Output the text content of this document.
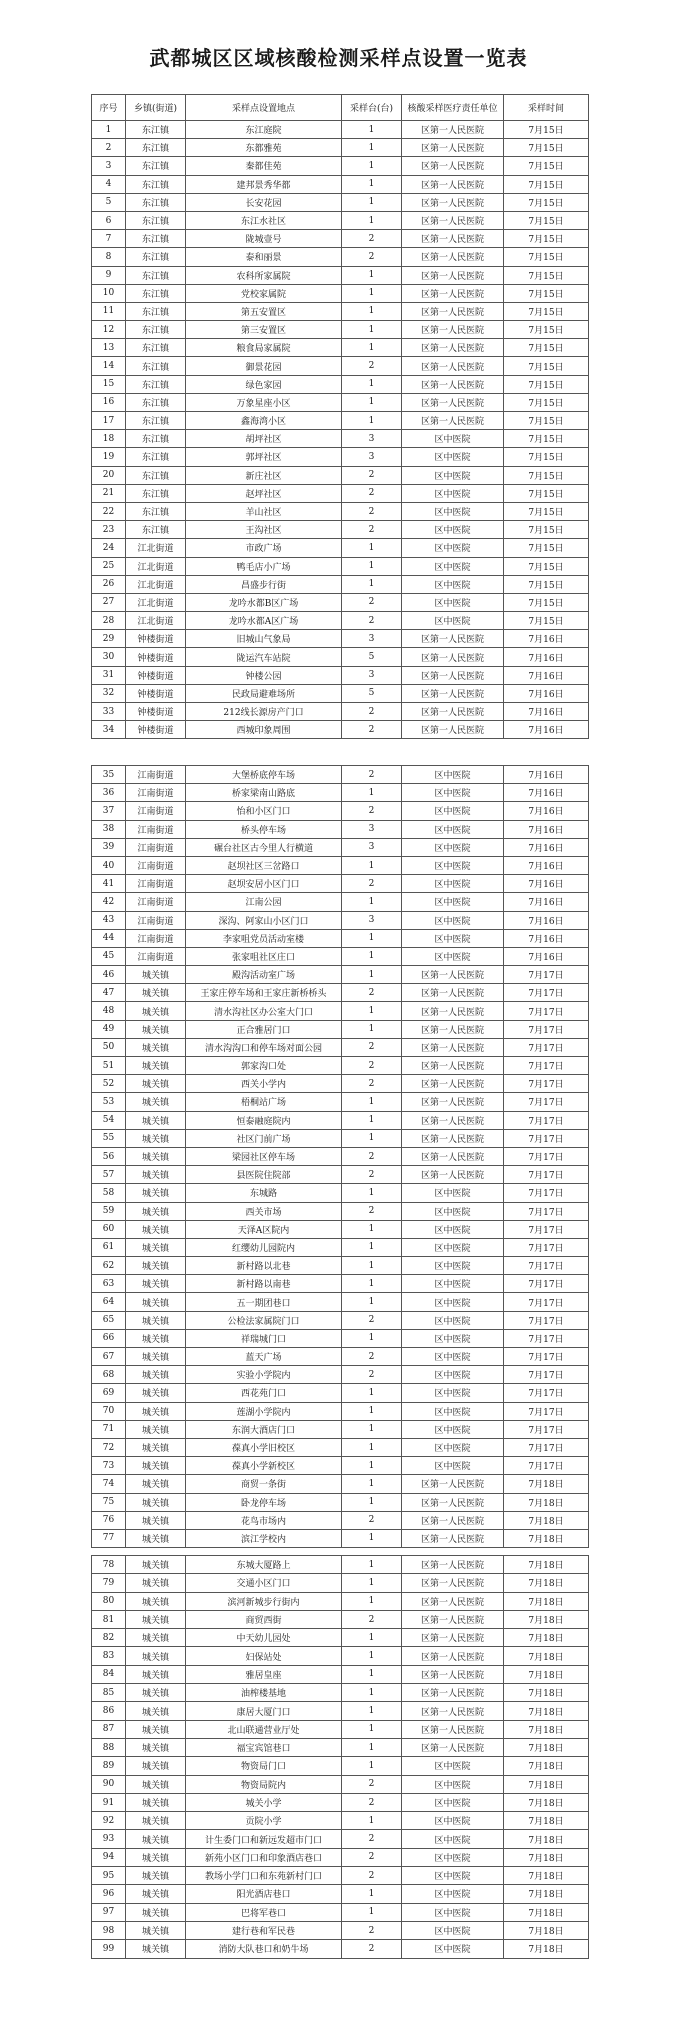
武都城区区域核酸检测采样点设置一览表
序号	乡镇(街道)	采样点设置地点	采样台(台)	核酸采样医疗责任单位	采样时间
1	东江镇	东江庭院	1	区第一人民医院	7月15日
2	东江镇	东都雅苑	1	区第一人民医院	7月15日
3	东江镇	秦都佳苑	1	区第一人民医院	7月15日
4	东江镇	建邦景秀华都	1	区第一人民医院	7月15日
5	东江镇	长安花园	1	区第一人民医院	7月15日
6	东江镇	东江水社区	1	区第一人民医院	7月15日
7	东江镇	陇城壹号	2	区第一人民医院	7月15日
8	东江镇	泰和丽景	2	区第一人民医院	7月15日
9	东江镇	农科所家属院	1	区第一人民医院	7月15日
10	东江镇	党校家属院	1	区第一人民医院	7月15日
11	东江镇	第五安置区	1	区第一人民医院	7月15日
12	东江镇	第三安置区	1	区第一人民医院	7月15日
13	东江镇	粮食局家属院	1	区第一人民医院	7月15日
14	东江镇	御景花园	2	区第一人民医院	7月15日
15	东江镇	绿色家园	1	区第一人民医院	7月15日
16	东江镇	万象星座小区	1	区第一人民医院	7月15日
17	东江镇	鑫海湾小区	1	区第一人民医院	7月15日
18	东江镇	胡坪社区	3	区中医院	7月15日
19	东江镇	郭坪社区	3	区中医院	7月15日
20	东江镇	新庄社区	2	区中医院	7月15日
21	东江镇	赵坪社区	2	区中医院	7月15日
22	东江镇	羊山社区	2	区中医院	7月15日
23	东江镇	王沟社区	2	区中医院	7月15日
24	江北街道	市政广场	1	区中医院	7月15日
25	江北街道	鸭毛店小广场	1	区中医院	7月15日
26	江北街道	昌盛步行街	1	区中医院	7月15日
27	江北街道	龙吟水都B区广场	2	区中医院	7月15日
28	江北街道	龙吟水都A区广场	2	区中医院	7月15日
29	钟楼街道	旧城山气象局	3	区第一人民医院	7月16日
30	钟楼街道	陇运汽车站院	5	区第一人民医院	7月16日
31	钟楼街道	钟楼公园	3	区第一人民医院	7月16日
32	钟楼街道	民政局避难场所	5	区第一人民医院	7月16日
33	钟楼街道	212线长源房产门口	2	区第一人民医院	7月16日
34	钟楼街道	西城印象周围	2	区第一人民医院	7月16日
35	江南街道	大堡桥底停车场	2	区中医院	7月16日
36	江南街道	桥家梁南山路底	1	区中医院	7月16日
37	江南街道	怡和小区门口	2	区中医院	7月16日
38	江南街道	桥头停车场	3	区中医院	7月16日
39	江南街道	碾台社区古今里人行横道	3	区中医院	7月16日
40	江南街道	赵坝社区三岔路口	1	区中医院	7月16日
41	江南街道	赵坝安居小区门口	2	区中医院	7月16日
42	江南街道	江南公园	1	区中医院	7月16日
43	江南街道	深沟、阿家山小区门口	3	区中医院	7月16日
44	江南街道	李家咀党员活动室楼	1	区中医院	7月16日
45	江南街道	张家咀社区庄口	1	区中医院	7月16日
46	城关镇	殿沟活动室广场	1	区第一人民医院	7月17日
47	城关镇	王家庄停车场和王家庄新桥桥头	2	区第一人民医院	7月17日
48	城关镇	清水沟社区办公室大门口	1	区第一人民医院	7月17日
49	城关镇	正合雅居门口	1	区第一人民医院	7月17日
50	城关镇	清水沟沟口和停车场对面公园	2	区第一人民医院	7月17日
51	城关镇	郭家沟口处	2	区第一人民医院	7月17日
52	城关镇	西关小学内	2	区第一人民医院	7月17日
53	城关镇	梧桐站广场	1	区第一人民医院	7月17日
54	城关镇	恒泰融庭院内	1	区第一人民医院	7月17日
55	城关镇	社区门前广场	1	区第一人民医院	7月17日
56	城关镇	梁园社区停车场	2	区第一人民医院	7月17日
57	城关镇	县医院住院部	2	区第一人民医院	7月17日
58	城关镇	东城路	1	区中医院	7月17日
59	城关镇	西关市场	2	区中医院	7月17日
60	城关镇	天泽A区院内	1	区中医院	7月17日
61	城关镇	红缨幼儿园院内	1	区中医院	7月17日
62	城关镇	新村路以北巷	1	区中医院	7月17日
63	城关镇	新村路以南巷	1	区中医院	7月17日
64	城关镇	五一期团巷口	1	区中医院	7月17日
65	城关镇	公检法家属院门口	2	区中医院	7月17日
66	城关镇	祥瑞城门口	1	区中医院	7月17日
67	城关镇	蓝天广场	2	区中医院	7月17日
68	城关镇	实验小学院内	2	区中医院	7月17日
69	城关镇	西花苑门口	1	区中医院	7月17日
70	城关镇	莲湖小学院内	1	区中医院	7月17日
71	城关镇	东润大酒店门口	1	区中医院	7月17日
72	城关镇	葆真小学旧校区	1	区中医院	7月17日
73	城关镇	葆真小学新校区	1	区中医院	7月17日
74	城关镇	商贸一条街	1	区第一人民医院	7月18日
75	城关镇	卧龙停车场	1	区第一人民医院	7月18日
76	城关镇	花鸟市场内	2	区第一人民医院	7月18日
77	城关镇	滨江学校内	1	区第一人民医院	7月18日
78	城关镇	东城大厦路上	1	区第一人民医院	7月18日
79	城关镇	交通小区门口	1	区第一人民医院	7月18日
80	城关镇	滨河新城步行街内	1	区第一人民医院	7月18日
81	城关镇	商贸西街	2	区第一人民医院	7月18日
82	城关镇	中天幼儿园处	1	区第一人民医院	7月18日
83	城关镇	妇保站处	1	区第一人民医院	7月18日
84	城关镇	雅居皇座	1	区第一人民医院	7月18日
85	城关镇	油榨楼基地	1	区第一人民医院	7月18日
86	城关镇	康居大厦门口	1	区第一人民医院	7月18日
87	城关镇	北山联通营业厅处	1	区第一人民医院	7月18日
88	城关镇	福宝宾馆巷口	1	区第一人民医院	7月18日
89	城关镇	物资局门口	1	区中医院	7月18日
90	城关镇	物资局院内	2	区中医院	7月18日
91	城关镇	城关小学	2	区中医院	7月18日
92	城关镇	贡院小学	1	区中医院	7月18日
93	城关镇	计生委门口和新远发超市门口	2	区中医院	7月18日
94	城关镇	新苑小区门口和印象酒店巷口	2	区中医院	7月18日
95	城关镇	教场小学门口和东苑新村门口	2	区中医院	7月18日
96	城关镇	阳光酒店巷口	1	区中医院	7月18日
97	城关镇	巴将军巷口	1	区中医院	7月18日
98	城关镇	建行巷和军民巷	2	区中医院	7月18日
99	城关镇	消防大队巷口和奶牛场	2	区中医院	7月18日
